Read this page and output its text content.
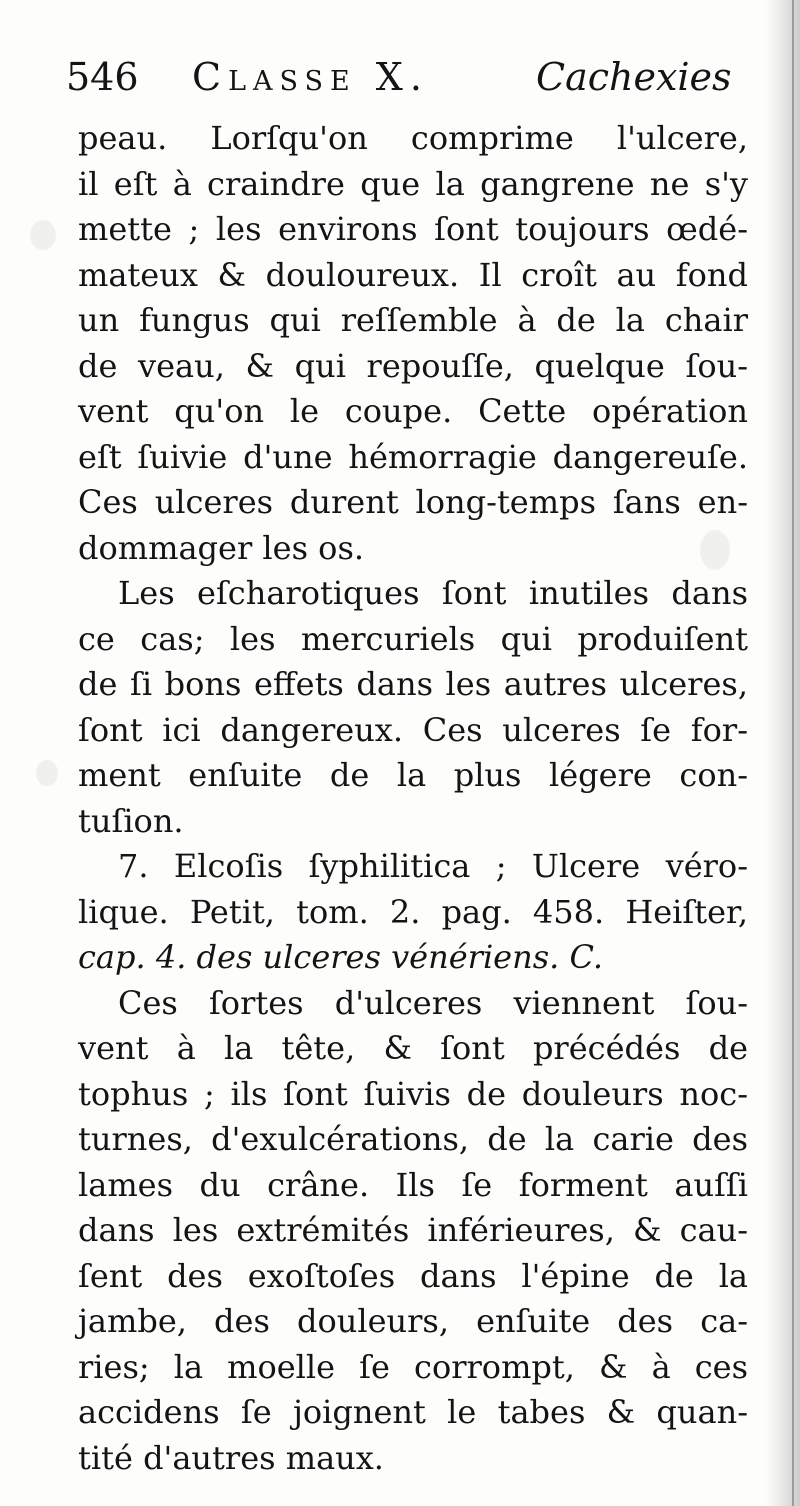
546 Classe X.	Cachexies
peau. Lorſqu'on comprime l'ulcere,
il eſt à craindre que la gangrene ne s'y
mette ; les environs ſont toujours œdé-
mateux & douloureux. Il croît au fond
un fungus qui reſſemble à de la chair
de veau, & qui repouſſe, quelque ſou-
vent qu'on le coupe. Cette opération
eſt ſuivie d'une hémorragie dangereuſe.
Ces ulceres durent long-temps ſans en-
dommager les os.
Les eſcharotiques ſont inutiles dans
ce cas; les mercuriels qui produiſent
de ſi bons effets dans les autres ulceres,
ſont ici dangereux. Ces ulceres ſe for-
ment enſuite de la plus légere con-
tuſion.
7. Elcoſis ſyphilitica ; Ulcere véro-
lique. Petit, tom. 2. pag. 458. Heiſter,
cap. 4. des ulceres vénériens. C.
Ces ſortes d'ulceres viennent ſou-
vent à la tête, & ſont précédés de
tophus ; ils ſont ſuivis de douleurs noc-
turnes, d'exulcérations, de la carie des
lames du crâne. Ils ſe forment auſſi
dans les extrémités inférieures, & cau-
ſent des exoſtoſes dans l'épine de la
jambe, des douleurs, enſuite des ca-
ries; la moelle ſe corrompt, & à ces
accidens ſe joignent le tabes & quan-
tité d'autres maux.
